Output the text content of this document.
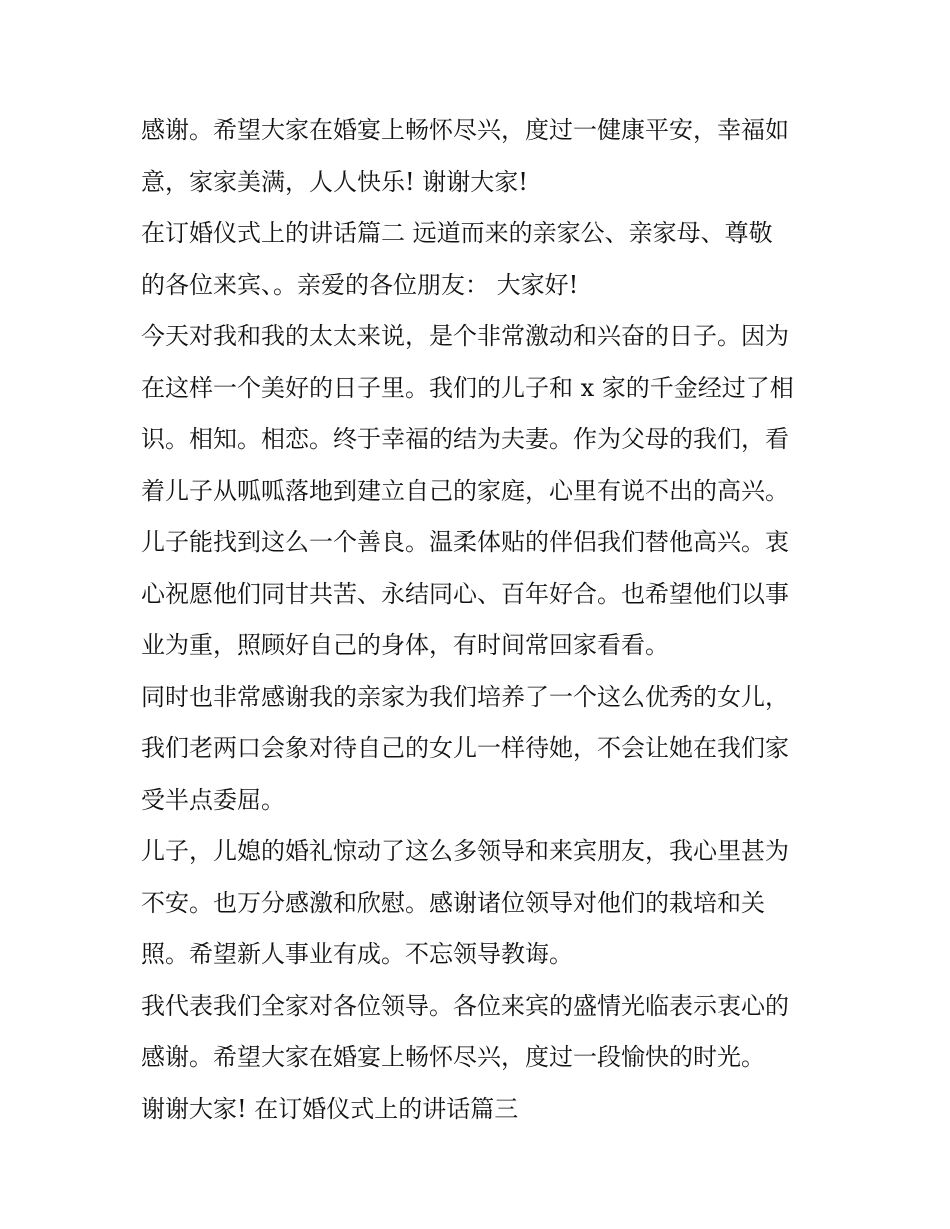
感谢。希望大家在婚宴上畅怀尽兴，度过一健康平安，幸福如
意，家家美满，人人快乐! 谢谢大家!
在订婚仪式上的讲话篇二 远道而来的亲家公、亲家母、尊敬
的各位来宾、。亲爱的各位朋友： 大家好!
今天对我和我的太太来说，是个非常激动和兴奋的日子。因为
在这样一个美好的日子里。我们的儿子和 x 家的千金经过了相
识。相知。相恋。终于幸福的结为夫妻。作为父母的我们，看
着儿子从呱呱落地到建立自己的家庭，心里有说不出的高兴。
儿子能找到这么一个善良。温柔体贴的伴侣我们替他高兴。衷
心祝愿他们同甘共苦、永结同心、百年好合。也希望他们以事
业为重，照顾好自己的身体，有时间常回家看看。
同时也非常感谢我的亲家为我们培养了一个这么优秀的女儿，
我们老两口会象对待自己的女儿一样待她，不会让她在我们家
受半点委屈。
儿子，儿媳的婚礼惊动了这么多领导和来宾朋友，我心里甚为
不安。也万分感激和欣慰。感谢诸位领导对他们的栽培和关
照。希望新人事业有成。不忘领导教诲。
我代表我们全家对各位领导。各位来宾的盛情光临表示衷心的
感谢。希望大家在婚宴上畅怀尽兴，度过一段愉快的时光。
谢谢大家! 在订婚仪式上的讲话篇三
